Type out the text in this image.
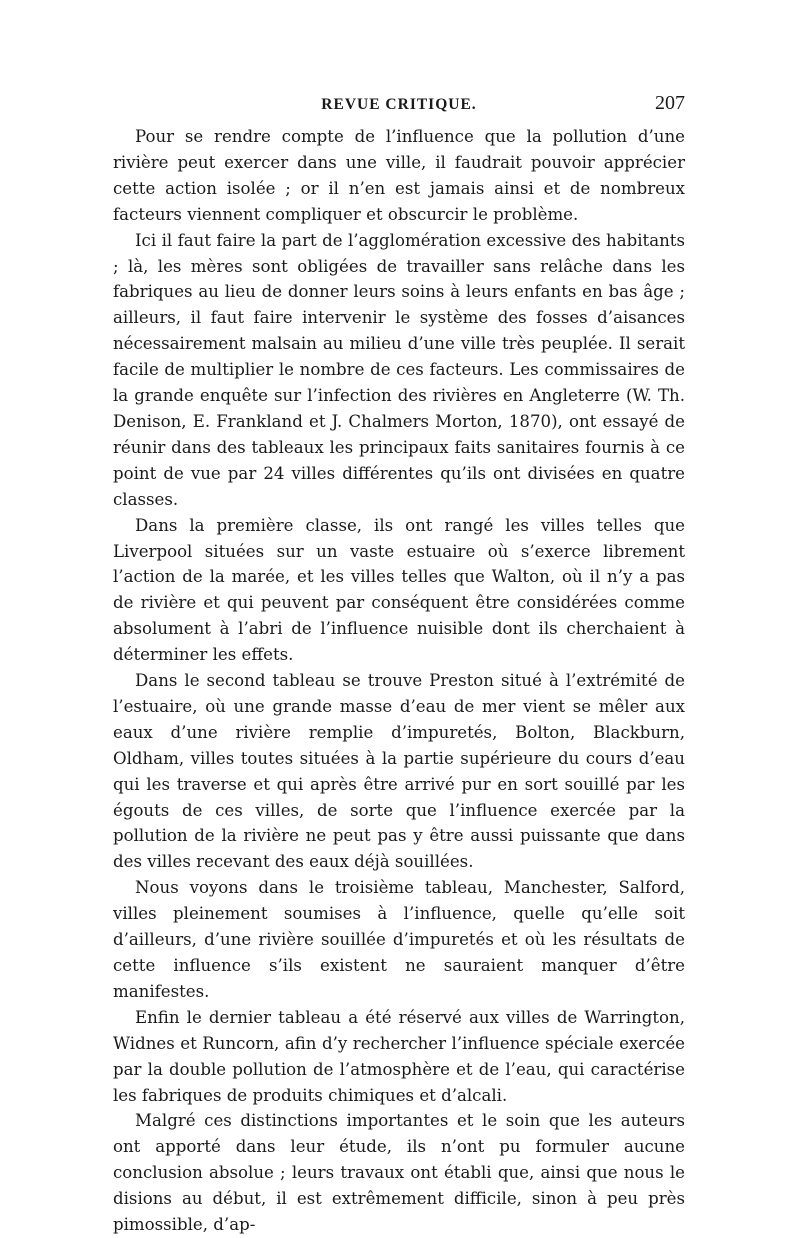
REVUE CRITIQUE.	207

Pour se rendre compte de l’influence que la pollution d’une rivière peut exercer dans une ville, il faudrait pouvoir apprécier cette action isolée ; or il n’en est jamais ainsi et de nombreux facteurs viennent compliquer et obscurcir le problème.

Ici il faut faire la part de l’agglomération excessive des habitants ; là, les mères sont obligées de travailler sans relâche dans les fabriques au lieu de donner leurs soins à leurs enfants en bas âge ; ailleurs, il faut faire intervenir le système des fosses d’aisances nécessairement malsain au milieu d’une ville très peuplée. Il serait facile de multiplier le nombre de ces facteurs. Les commissaires de la grande enquête sur l’infection des rivières en Angleterre (W. Th. Denison, E. Frankland et J. Chalmers Morton, 1870), ont essayé de réunir dans des tableaux les principaux faits sanitaires fournis à ce point de vue par 24 villes différentes qu’ils ont divisées en quatre classes.

Dans la première classe, ils ont rangé les villes telles que Liverpool situées sur un vaste estuaire où s’exerce librement l’action de la marée, et les villes telles que Walton, où il n’y a pas de rivière et qui peuvent par conséquent être considérées comme absolument à l’abri de l’influence nuisible dont ils cherchaient à déterminer les effets.

Dans le second tableau se trouve Preston situé à l’extrémité de l’estuaire, où une grande masse d’eau de mer vient se mêler aux eaux d’une rivière remplie d’impuretés, Bolton, Blackburn, Oldham, villes toutes situées à la partie supérieure du cours d’eau qui les traverse et qui après être arrivé pur en sort souillé par les égouts de ces villes, de sorte que l’influence exercée par la pollution de la rivière ne peut pas y être aussi puissante que dans des villes recevant des eaux déjà souillées.

Nous voyons dans le troisième tableau, Manchester, Salford, villes pleinement soumises à l’influence, quelle qu’elle soit d’ailleurs, d’une rivière souillée d’impuretés et où les résultats de cette influence s’ils existent ne sauraient manquer d’être manifestes.

Enfin le dernier tableau a été réservé aux villes de Warrington, Widnes et Runcorn, afin d’y rechercher l’influence spéciale exercée par la double pollution de l’atmosphère et de l’eau, qui caractérise les fabriques de produits chimiques et d’alcali.

Malgré ces distinctions importantes et le soin que les auteurs ont apporté dans leur étude, ils n’ont pu formuler aucune conclusion absolue ; leurs travaux ont établi que, ainsi que nous le disions au début, il est extrêmement difficile, sinon à peu près pimossible, d’ap-
